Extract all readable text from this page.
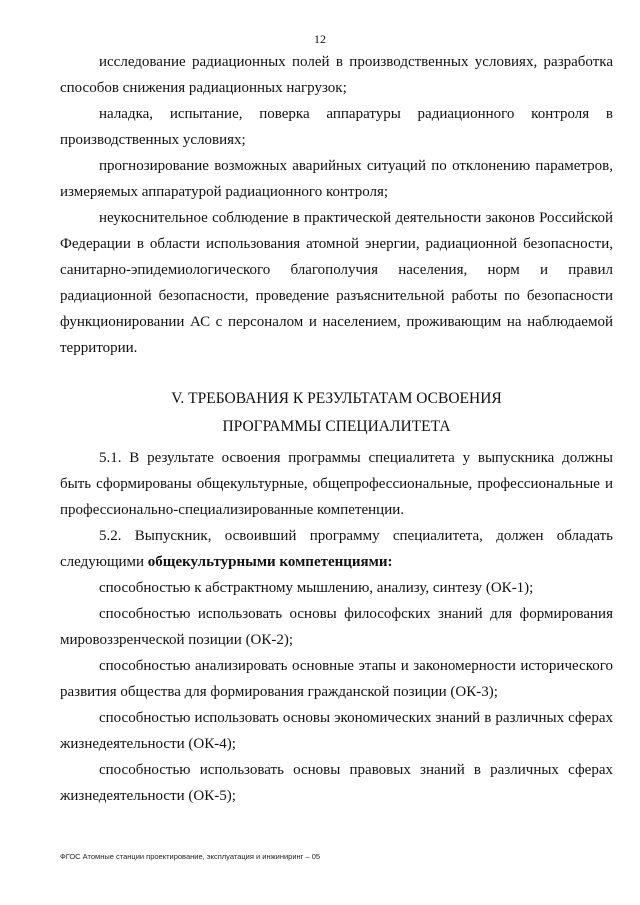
12

исследование радиационных полей в производственных условиях, разработка способов снижения радиационных нагрузок;

наладка, испытание, поверка аппаратуры радиационного контроля в производственных условиях;

прогнозирование возможных аварийных ситуаций по отклонению параметров, измеряемых аппаратурой радиационного контроля;

неукоснительное соблюдение в практической деятельности законов Российской Федерации в области использования атомной энергии, радиационной безопасности, санитарно-эпидемиологического благополучия населения, норм и правил радиационной безопасности, проведение разъяснительной работы по безопасности функционировании АС с персоналом и населением, проживающим на наблюдаемой территории.

V. ТРЕБОВАНИЯ К РЕЗУЛЬТАТАМ ОСВОЕНИЯ

ПРОГРАММЫ СПЕЦИАЛИТЕТА

5.1. В результате освоения программы специалитета у выпускника должны быть сформированы общекультурные, общепрофессиональные, профессиональные и профессионально-специализированные компетенции.

5.2. Выпускник, освоивший программу специалитета, должен обладать следующими общекультурными компетенциями:

способностью к абстрактному мышлению, анализу, синтезу (ОК-1);

способностью использовать основы философских знаний для формирования мировоззренческой позиции (ОК-2);

способностью анализировать основные этапы и закономерности исторического развития общества для формирования гражданской позиции (ОК-3);

способностью использовать основы экономических знаний в различных сферах жизнедеятельности (ОК-4);

способностью использовать основы правовых знаний в различных сферах жизнедеятельности (ОК-5);

ФГОС Атомные станции проектирование, эксплуатация и инжиниринг – 05
